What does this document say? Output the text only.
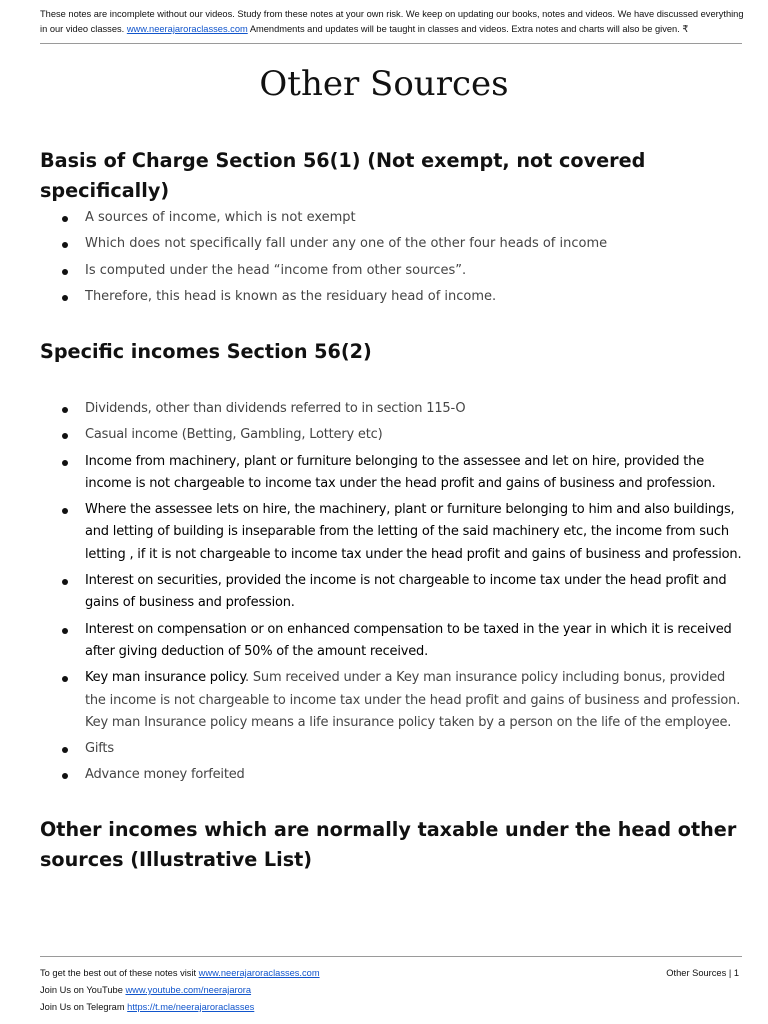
These notes are incomplete without our videos. Study from these notes at your own risk. We keep on updating our books, notes and videos. We have discussed everything in our video classes. www.neerajaroraclasses.com Amendments and updates will be taught in classes and videos. Extra notes and charts will also be given. ₹
Other Sources
Basis of Charge Section 56(1) (Not exempt, not covered specifically)
A sources of income, which is not exempt
Which does not specifically fall under any one of the other four heads of income
Is computed under the head “income from other sources”.
Therefore, this head is known as the residuary head of income.
Specific incomes Section 56(2)
Dividends, other than dividends referred to in section 115-O
Casual income (Betting, Gambling, Lottery etc)
Income from machinery, plant or furniture belonging to the assessee and let on hire, provided the income is not chargeable to income tax under the head profit and gains of business and profession.
Where the assessee lets on hire, the machinery, plant or furniture belonging to him and also buildings, and letting of building is inseparable from the letting of the said machinery etc, the income from such letting , if it is not chargeable to income tax under the head profit and gains of business and profession.
Interest on securities, provided the income is not chargeable to income tax under the head profit and gains of business and profession.
Interest on compensation or on enhanced compensation to be taxed in the year in which it is received after giving deduction of 50% of the amount received.
Key man insurance policy. Sum received under a Key man insurance policy including bonus, provided the income is not chargeable to income tax under the head profit and gains of business and profession. Key man Insurance policy means a life insurance policy taken by a person on the life of the employee.
Gifts
Advance money forfeited
Other incomes which are normally taxable under the head other sources (Illustrative List)
To get the best out of these notes visit www.neerajaroraclasses.com	Other Sources | 1
Join Us on YouTube www.youtube.com/neerajarora
Join Us on Telegram https://t.me/neerajaroraclasses
